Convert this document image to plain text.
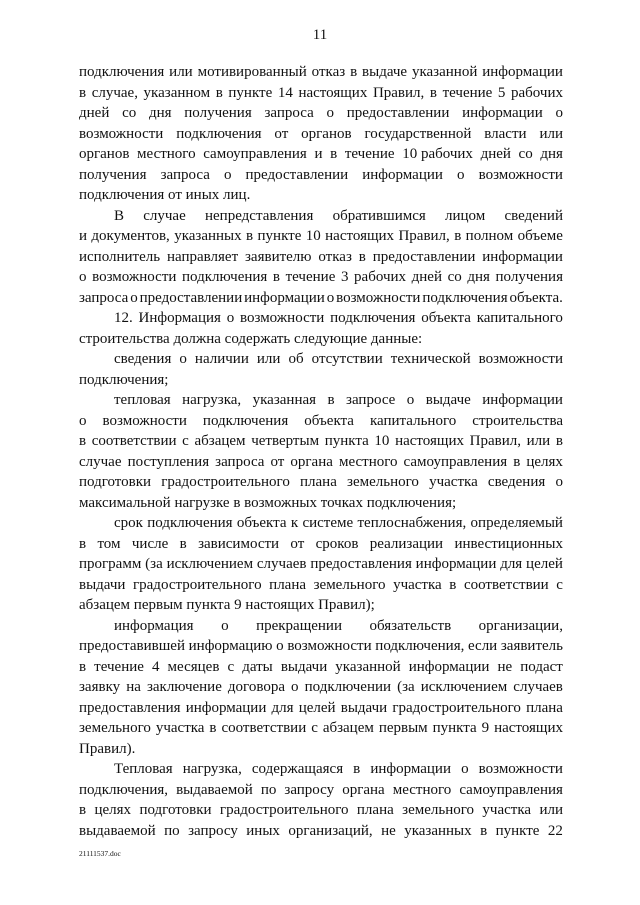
11
подключения или мотивированный отказ в выдаче указанной информации
в случае, указанном в пункте 14 настоящих Правил, в течение 5 рабочих
дней со дня получения запроса о предоставлении информации о
возможности подключения от органов государственной власти или
органов местного самоуправления и в течение 10 рабочих дней со дня
получения запроса о предоставлении информации о возможности
подключения от иных лиц.
В случае непредставления обратившимся лицом сведений
и документов, указанных в пункте 10 настоящих Правил, в полном объеме
исполнитель направляет заявителю отказ в предоставлении информации
о возможности подключения в течение 3 рабочих дней со дня получения
запроса о предоставлении информации о возможности подключения объекта.
12. Информация о возможности подключения объекта капитального
строительства должна содержать следующие данные:
сведения о наличии или об отсутствии технической возможности
подключения;
тепловая нагрузка, указанная в запросе о выдаче информации
о возможности подключения объекта капитального строительства
в соответствии с абзацем четвертым пункта 10 настоящих Правил, или в
случае поступления запроса от органа местного самоуправления в целях
подготовки градостроительного плана земельного участка сведения о
максимальной нагрузке в возможных точках подключения;
срок подключения объекта к системе теплоснабжения, определяемый
в том числе в зависимости от сроков реализации инвестиционных
программ (за исключением случаев предоставления информации для целей
выдачи градостроительного плана земельного участка в соответствии с
абзацем первым пункта 9 настоящих Правил);
информация о прекращении обязательств организации,
предоставившей информацию о возможности подключения, если заявитель
в течение 4 месяцев с даты выдачи указанной информации не подаст
заявку на заключение договора о подключении (за исключением случаев
предоставления информации для целей выдачи градостроительного плана
земельного участка в соответствии с абзацем первым пункта 9 настоящих
Правил).
Тепловая нагрузка, содержащаяся в информации о возможности
подключения, выдаваемой по запросу органа местного самоуправления
в целях подготовки градостроительного плана земельного участка или
выдаваемой по запросу иных организаций, не указанных в пункте 22
21111537.doc
